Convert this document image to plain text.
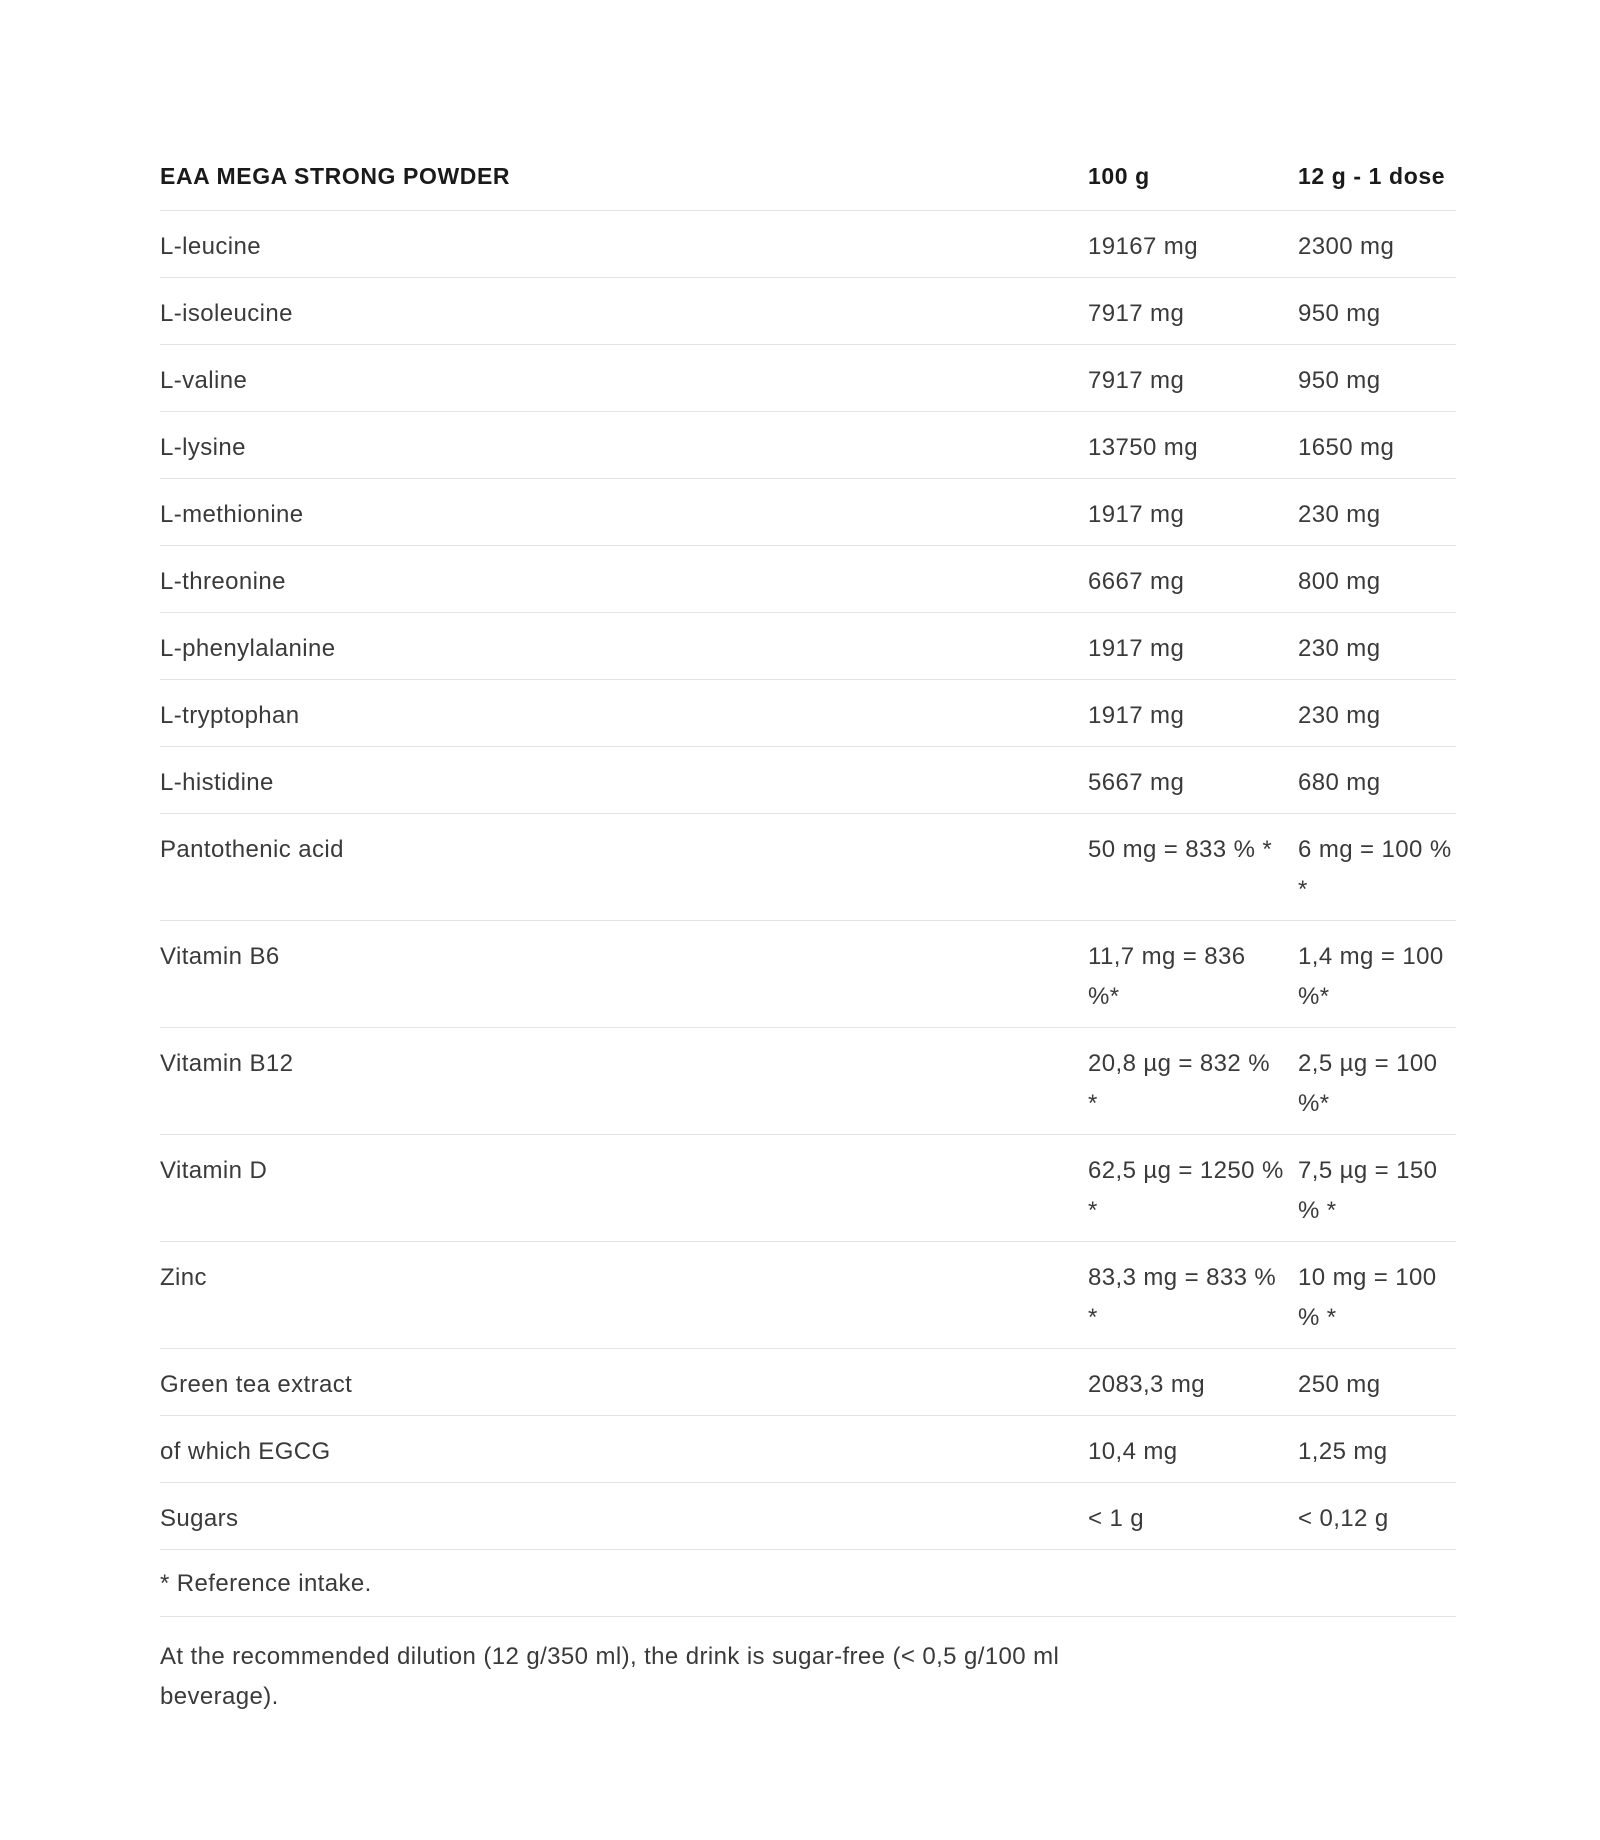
EAA MEGA STRONG POWDER	100 g	12 g - 1 dose
L-leucine	19167 mg	2300 mg
L-isoleucine	7917 mg	950 mg
L-valine	7917 mg	950 mg
L-lysine	13750 mg	1650 mg
L-methionine	1917 mg	230 mg
L-threonine	6667 mg	800 mg
L-phenylalanine	1917 mg	230 mg
L-tryptophan	1917 mg	230 mg
L-histidine	5667 mg	680 mg
Pantothenic acid	50 mg = 833 % *	6 mg = 100 % *
Vitamin B6	11,7 mg = 836 %*	1,4 mg = 100 %*
Vitamin B12	20,8 µg = 832 % *	2,5 µg = 100 %*
Vitamin D	62,5 µg = 1250 % *	7,5 µg = 150 % *
Zinc	83,3 mg = 833 % *	10 mg = 100 % *
Green tea extract	2083,3 mg	250 mg
of which EGCG	10,4 mg	1,25 mg
Sugars	< 1 g	< 0,12 g
* Reference intake.		
At the recommended dilution (12 g/350 ml), the drink is sugar-free (< 0,5 g/100 ml beverage).
